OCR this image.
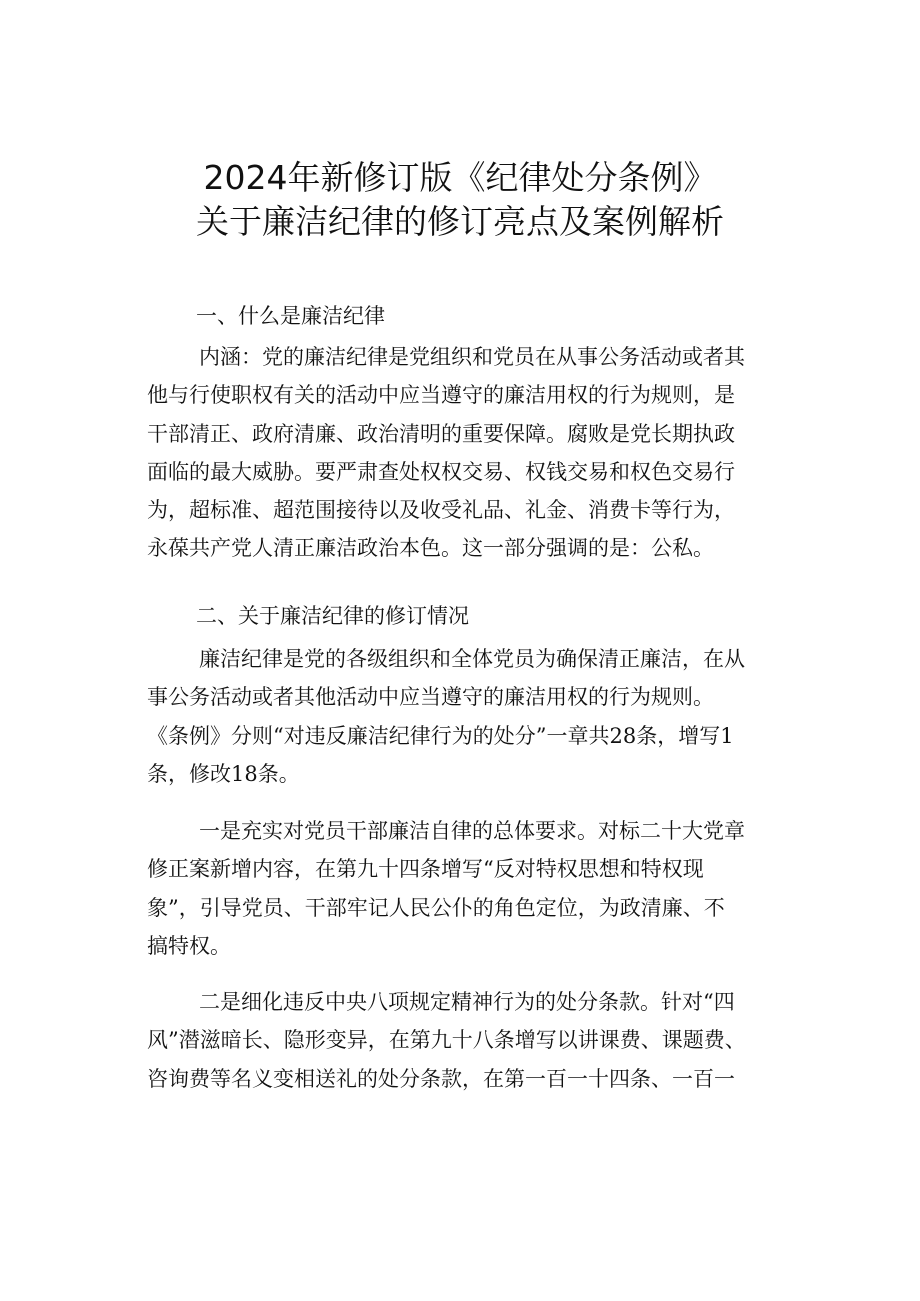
2024年新修订版《纪律处分条例》
关于廉洁纪律的修订亮点及案例解析
一、什么是廉洁纪律
内涵：党的廉洁纪律是党组织和党员在从事公务活动或者其
他与行使职权有关的活动中应当遵守的廉洁用权的行为规则，是
干部清正、政府清廉、政治清明的重要保障。腐败是党长期执政
面临的最大威胁。要严肃查处权权交易、权钱交易和权色交易行
为，超标准、超范围接待以及收受礼品、礼金、消费卡等行为，
永葆共产党人清正廉洁政治本色。这一部分强调的是：公私。
二、关于廉洁纪律的修订情况
廉洁纪律是党的各级组织和全体党员为确保清正廉洁，在从
事公务活动或者其他活动中应当遵守的廉洁用权的行为规则。
《条例》分则“对违反廉洁纪律行为的处分”一章共28条，增写1
条，修改18条。
一是充实对党员干部廉洁自律的总体要求。对标二十大党章
修正案新增内容，在第九十四条增写“反对特权思想和特权现
象”，引导党员、干部牢记人民公仆的角色定位，为政清廉、不
搞特权。
二是细化违反中央八项规定精神行为的处分条款。针对“四
风”潜滋暗长、隐形变异，在第九十八条增写以讲课费、课题费、
咨询费等名义变相送礼的处分条款，在第一百一十四条、一百一
